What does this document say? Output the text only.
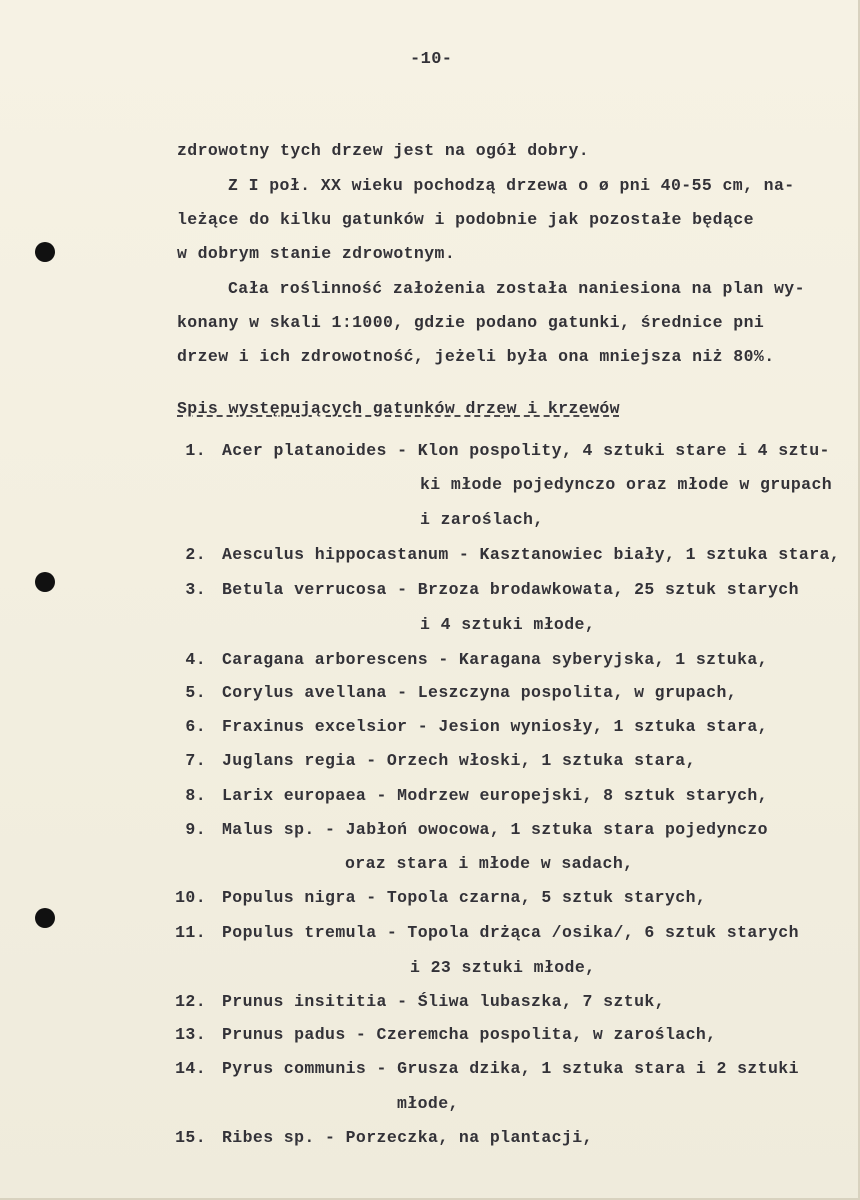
-10-
zdrowotny tych drzew jest na ogół dobry.
Z I poł. XX wieku pochodzą drzewa o ø pni 40-55 cm, na-
leżące do kilku gatunków i podobnie jak pozostałe będące
w dobrym stanie zdrowotnym.
Cała roślinność założenia została naniesiona na plan wy-
konany w skali 1:1000, gdzie podano gatunki, średnice pni
drzew i ich zdrowotność, jeżeli była ona mniejsza niż 80%.
Spis występujących gatunków drzew i krzewów
1. Acer platanoides - Klon pospolity, 4 sztuki stare i 4 sztu-
ki młode pojedynczo oraz młode w grupach
i zaroślach,
2. Aesculus hippocastanum - Kasztanowiec biały, 1 sztuka stara,
3. Betula verrucosa - Brzoza brodawkowata, 25 sztuk starych
i 4 sztuki młode,
4. Caragana arborescens - Karagana syberyjska, 1 sztuka,
5. Corylus avellana - Leszczyna pospolita, w grupach,
6. Fraxinus excelsior - Jesion wyniosły, 1 sztuka stara,
7. Juglans regia - Orzech włoski, 1 sztuka stara,
8. Larix europaea - Modrzew europejski, 8 sztuk starych,
9. Malus sp. - Jabłoń owocowa, 1 sztuka stara pojedynczo
oraz stara i młode w sadach,
10. Populus nigra - Topola czarna, 5 sztuk starych,
11. Populus tremula - Topola drżąca /osika/, 6 sztuk starych
i 23 sztuki młode,
12. Prunus insititia - Śliwa lubaszka, 7 sztuk,
13. Prunus padus - Czeremcha pospolita, w zaroślach,
14. Pyrus communis - Grusza dzika, 1 sztuka stara i 2 sztuki
młode,
15. Ribes sp. - Porzeczka, na plantacji,
